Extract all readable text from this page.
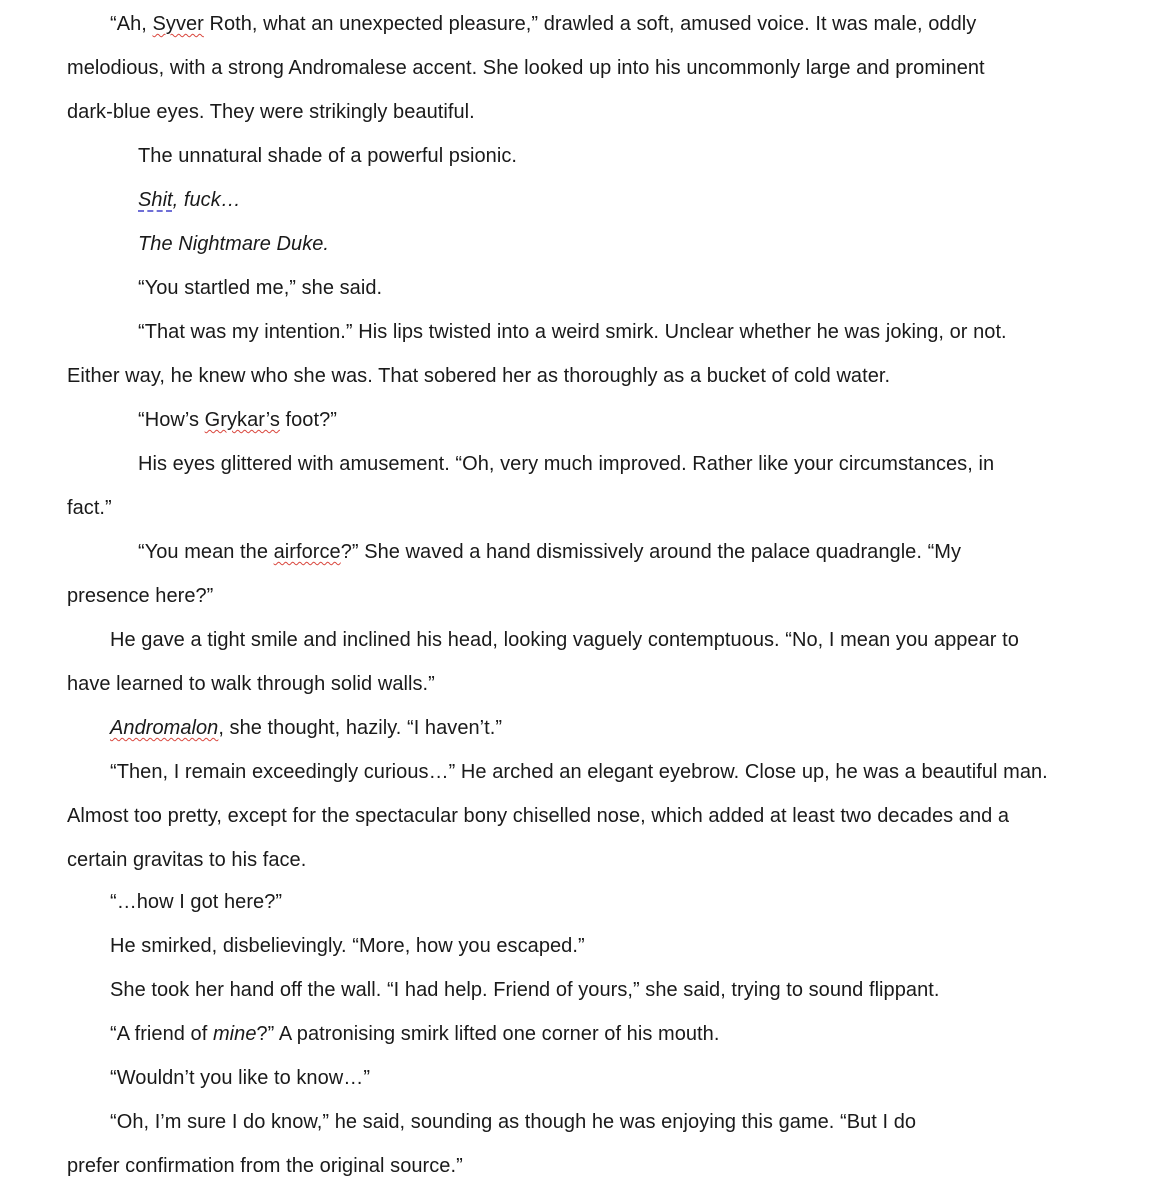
“Ah, Syver Roth, what an unexpected pleasure,” drawled a soft, amused voice. It was male, oddly
melodious, with a strong Andromalese accent. She looked up into his uncommonly large and prominent
dark-blue eyes. They were strikingly beautiful.
The unnatural shade of a powerful psionic.
Shit, fuck…
The Nightmare Duke.
“You startled me,” she said.
“That was my intention.” His lips twisted into a weird smirk. Unclear whether he was joking, or not.
Either way, he knew who she was. That sobered her as thoroughly as a bucket of cold water.
“How’s Grykar’s foot?”
His eyes glittered with amusement. “Oh, very much improved. Rather like your circumstances, in
fact.”
“You mean the airforce?” She waved a hand dismissively around the palace quadrangle. “My
presence here?”
He gave a tight smile and inclined his head, looking vaguely contemptuous. “No, I mean you appear to
have learned to walk through solid walls.”
Andromalon, she thought, hazily. “I haven’t.”
“Then, I remain exceedingly curious…” He arched an elegant eyebrow. Close up, he was a beautiful man.
Almost too pretty, except for the spectacular bony chiselled nose, which added at least two decades and a
certain gravitas to his face.
“…how I got here?”
He smirked, disbelievingly. “More, how you escaped.”
She took her hand off the wall. “I had help. Friend of yours,” she said, trying to sound flippant.
“A friend of mine?” A patronising smirk lifted one corner of his mouth.
“Wouldn’t you like to know…”
“Oh, I’m sure I do know,” he said, sounding as though he was enjoying this game. “But I do
prefer confirmation from the original source.”
